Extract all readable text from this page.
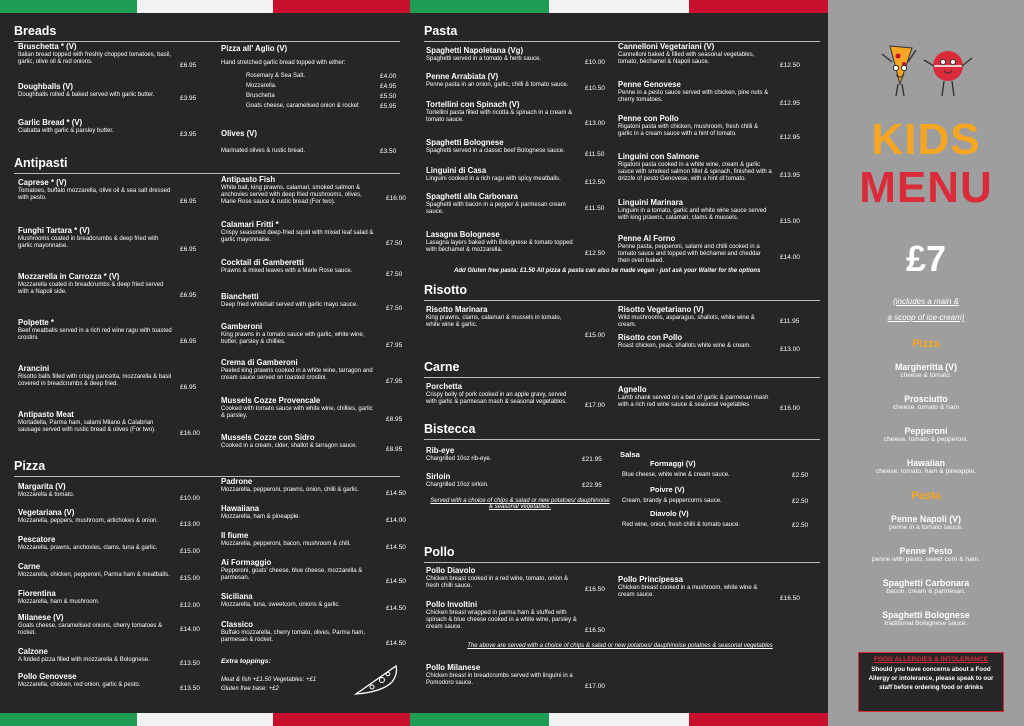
Breads
Bruschetta * (V)
Italian bread topped with freshly chopped tomatoes, basil, garlic, olive oil & red onions.	£6.95
Doughballs (V)
Doughballs rolled & baked served with garlic butter.	£3.95
Garlic Bread * (V)
Ciabatta with garlic & parsley butter.	£3.95
Pizza all' Aglio (V)
Hand stretched garlic bread topped with either:
Rosemary & Sea Salt.	£4.00
Mozzarella.	£4.95
Bruschetta	£5.50
Goats cheese, caramelised onion & rocket	£5.95
Olives (V)
Marinated olives & rustic bread.	£3.50
Antipasti
Caprese * (V)
Tomatoes, buffalo mozzarella, olive oil & sea salt dressed with pesto.	£6.95
Funghi Tartara * (V)
Mushrooms coated in breadcrumbs & deep fried with garlic mayonnaise.	£6.95
Mozzarella in Carrozza * (V)
Mozzarella coated in breadcrumbs & deep fried served with a Napoli side.	£6.95
Polpette *
Beef meatballs served in a rich red wine ragu with toasted crostini.	£6.95
Arancini
Risotto balls filled with crispy pancetta, mozzarella & basil covered in breadcrumbs & deep fried.	£6.95
Antipasto Meat
Mortadella, Parma ham, salami Milano & Calabrian sausage served with rustic bread & olives (For two).	£16.00
Antipasto Fish
White bait, king prawns, calamari, smoked salmon & anchovies served with deep fried mushrooms, olives, Marie Rose sauce & rustic bread (For two).
£16.00
Calamari Fritti *
Crispy seasoned deep-fried squid with mixed leaf salad & garlic mayonnaise.	£7.50
Cocktail di Gamberetti
Prawns & mixed leaves with a Marie Rose sauce.	£7.50
Bianchetti
Deep fried whitebait served with garlic mayo sauce.	£7.50
Gamberoni
King prawns in a tomato sauce with garlic, white wine, butter, parsley & chillies.	£7.95
Crema di Gamberoni
Peeled king prawns cooked in a white wine, tarragon and cream sauce served on toasted crostini.	£7.95
Mussels Cozze Provencale
Cooked with tomato sauce with white wine, chillies, garlic & parsley.	£8.95
Mussels Cozze con Sidro
Cooked in a cream, cider, shallot & tarragon sauce.	£8.95
Pizza
Margarita (V)
Mozzarella & tomato.	£10.00
Vegetariana (V)
Mozzarella, peppers, mushroom, artichokes & onion.	£13.00
Pescatore
Mozzarella, prawns, anchovies, clams, tuna & garlic.	£15.00
Carne
Mozzarella, chicken, pepperoni, Parma ham & meatballs.	£15.00
Fiorentina
Mozzarella, ham & mushroom.	£12.00
Milanese (V)
Goats cheese, caramelised onions, cherry tomatoes & rocket.
£14.00
Calzone
A folded pizza filled with mozzarella & Bolognese.	£13.50
Pollo Genovese
Mozzarella, chicken, red onion, garlic & pesto.	£13.50
Padrone
Mozzarella, pepperoni, prawns, onion, chilli & garlic.	£14.50
Hawaiiana
Mozzarella, ham & pineapple.	£14.00
Il fiume
Mozzarella, pepperoni, bacon, mushroom & chili.	£14.50
Ai Formaggio
Pepperoni, goats' cheese, blue cheese, mozzarella & parmesan.	£14.50
Siciliana
Mozzarella, tuna, sweetcorn, onions & garlic.	£14.50
Classico
Buffalo mozzarella, cherry tomato, olives, Parma ham, parmesan & rocket.	£14.50
Extra toppings:
Meat & fish +£1.50 Vegetables: +£1
Gluten free base: +£2
Pasta
Spaghetti Napoletana (Vg)
Spaghetti served in a tomato & herb sauce.	£10.00
Penne Arrabiata (V)
Penne pasta in an onion, garlic, chilli & tomato sauce.	£10.50
Tortellini con Spinach (V)
Tortellini pasta filled with ricotta & spinach in a cream & tomato sauce.	£13.00
Spaghetti Bolognese
Spaghetti served in a classic beef Bolognese sauce.	£11.50
Linguini di Casa
Linguini cooked in a rich ragu with spicy meatballs.	£12.50
Spaghetti alla Carbonara
Spaghetti with bacon in a pepper & parmesan cream sauce.
£11.50
Lasagna Bolognese
Lasagna layers baked with Bolognese & tomato topped with béchamel & mozzarella.	£12.50
Cannelloni Vegetariani (V)
Cannelloni baked & filled with seasonal vegetables, tomato, béchamel & Napoli sauce.	£12.50
Penne Genovese
Penne in a pesto sauce served with chicken, pine nuts & cherry tomatoes.	£12.95
Penne con Pollo
Rigatoni pasta with chicken, mushroom, fresh chilli & garlic in a cream sauce with a hint of tomato.	£12.95
Linguini con Salmone
Rigatoni pasta cooked in a white wine, cream & garlic sauce with smoked salmon fillet & spinach, finished with a drizzle of pesto Genovese, with a hint of tomato.
£13.95
Linguini Marinara
Linguini in a tomato, garlic and white wine sauce served with king prawns, calamari, clams & mussels.	£15.00
Penne Al Forno
Penne pasta, pepperoni, salami and chilli cooked in a tomato sauce and topped with béchamel and cheddar then oven baked.
£14.00
Add Gluten free pasta: £1.50 All pizza & pasta can also be made vegan - just ask your Waiter for the options
Risotto
Risotto Marinara
King prawns, clams, calamari & mussels in tomato, white wine & garlic.
£15.00
Risotto Vegetariano (V)
Wild mushrooms, asparagus, shallots, white wine & cream.
£11.95
Risotto con Pollo
Roast chicken, peas, shallots white wine & cream.	£13.00
Carne
Porchetta
Crispy belly of pork cooked in an apple gravy, served with garlic & parmesan mash & seasonal vegetables.	£17.00
Agnello
Lamb shank served on a bed of garlic & parmesan mash with a rich red wine sauce & seasonal vegetables	£16.00
Bistecca
Rib-eye
Chargrilled 10oz rib-eye.	£21.95
Sirloin
Chargrilled 10oz sirloin.	£22.95
Served with a choice of chips & salad or new potatoes/ dauphinoise & seasonal vegetables.
Salsa
Formaggi (V)
Blue cheese, white wine & cream sauce.	£2.50
Poivre (V)
Cream, brandy & peppercorns sauce.	£2.50
Diavolo (V)
Red wine, onion, fresh chilli & tomato sauce.	£2.50
Pollo
Pollo Diavolo
Chicken breast cooked in a red wine, tomato, onion & fresh chilli sauce.	£16.50
Pollo Involtini
Chicken breast wrapped in parma ham & stuffed with spinach & blue cheese cooked in a white wine, parsley & cream sauce.	£16.50
Pollo Principessa
Chicken breast cooked in a mushroom, white wine & cream sauce.	£16.50
Pollo Milanese
Chicken breast in breadcrumbs served with linguini in a Pomodoro sauce.	£17.00
The above are served with a choice of chips & salad or new potatoes/ dauphinoise potatoes & seasonal vegetables
KIDS
MENU
£7
(includes a main &
a scoop of ice-cream)
Pizza
Margheritta (V)
cheese & tomato.
Prosciutto
cheese, tomato & ham
Pepperoni
cheese, tomato & pepperoni.
Hawaiian
cheese, tomato, ham & pineapple.
Pasta
Penne Napoli (V)
penne in a tomato sauce.
Penne Pesto
penne with pesto, sweet corn & ham.
Spaghetti Carbonara
bacon, cream & parmesan.
Spaghetti Bolognese
traditional Bolognese sauce.
FOOD ALLERGIES & INTOLERANCE
Should you have concerns about a Food Allergy or intolerance, please speak to our staff before ordering food or drinks
